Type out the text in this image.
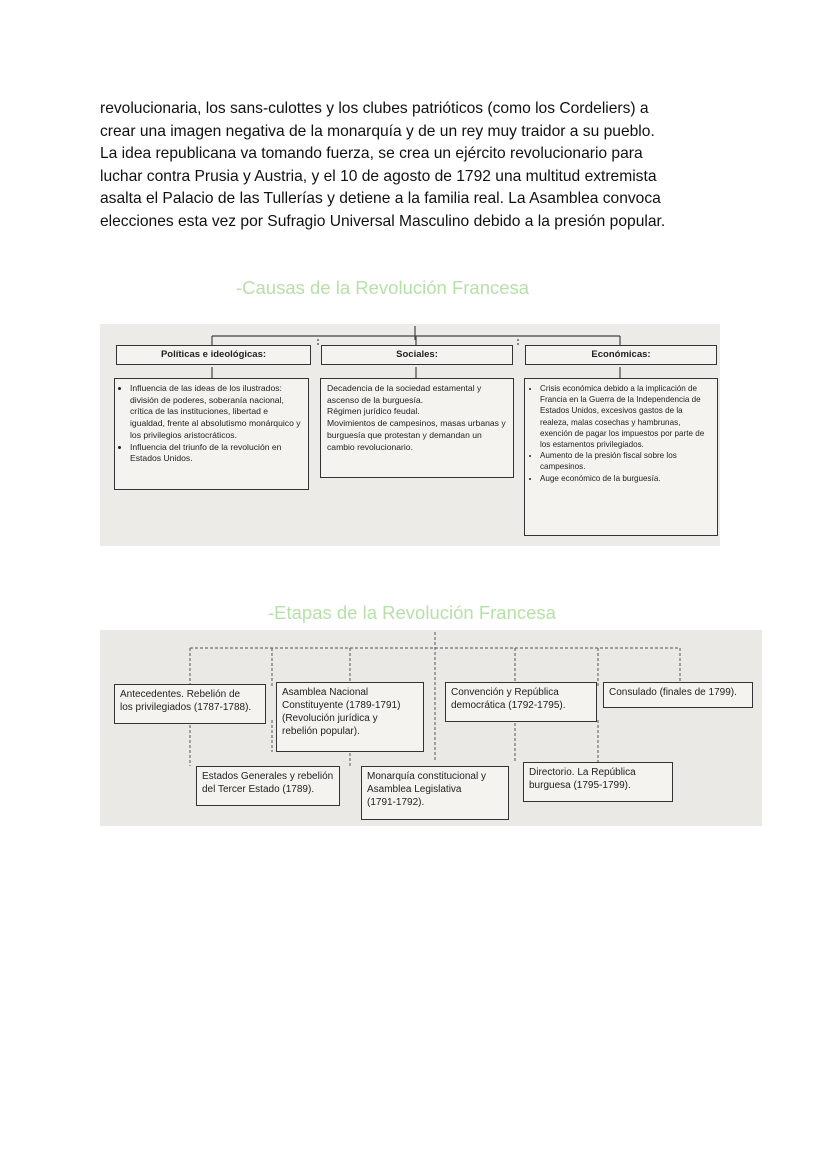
revolucionaria, los sans-culottes y los clubes patrióticos (como los Cordeliers) a
crear una imagen negativa de la monarquía y de un rey muy traidor a su pueblo.
La idea republicana va tomando fuerza, se crea un ejército revolucionario para
luchar contra Prusia y Austria, y el 10 de agosto de 1792 una multitud extremista
asalta el Palacio de las Tullerías y detiene a la familia real. La Asamblea convoca
elecciones esta vez por Sufragio Universal Masculino debido a la presión popular.
-Causas de la Revolución Francesa
Políticas e ideológicas:	Sociales:	Económicas:
• Influencia de las ideas de los ilustrados: división de poderes, soberanía nacional, crítica de las instituciones, libertad e igualdad, frente al absolutismo monárquico y los privilegios aristocráticos.
• Influencia del triunfo de la revolución en Estados Unidos.
Decadencia de la sociedad estamental y ascenso de la burguesía.
Régimen jurídico feudal.
Movimientos de campesinos, masas urbanas y burguesía que protestan y demandan un cambio revolucionario.
• Crisis económica debido a la implicación de Francia en la Guerra de la Independencia de Estados Unidos, excesivos gastos de la realeza, malas cosechas y hambrunas, exención de pagar los impuestos por parte de los estamentos privilegiados.
• Aumento de la presión fiscal sobre los campesinos.
• Auge económico de la burguesía.
-Etapas de la Revolución Francesa
Antecedentes. Rebelión de
los privilegiados (1787-1788).
Asamblea Nacional
Constituyente (1789-1791)
(Revolución jurídica y
rebelión popular).
Convención y República
democrática (1792-1795).
Consulado (finales de 1799).
Estados Generales y rebelión
del Tercer Estado (1789).
Monarquía constitucional y
Asamblea Legislativa
(1791-1792).
Directorio. La República
burguesa (1795-1799).
